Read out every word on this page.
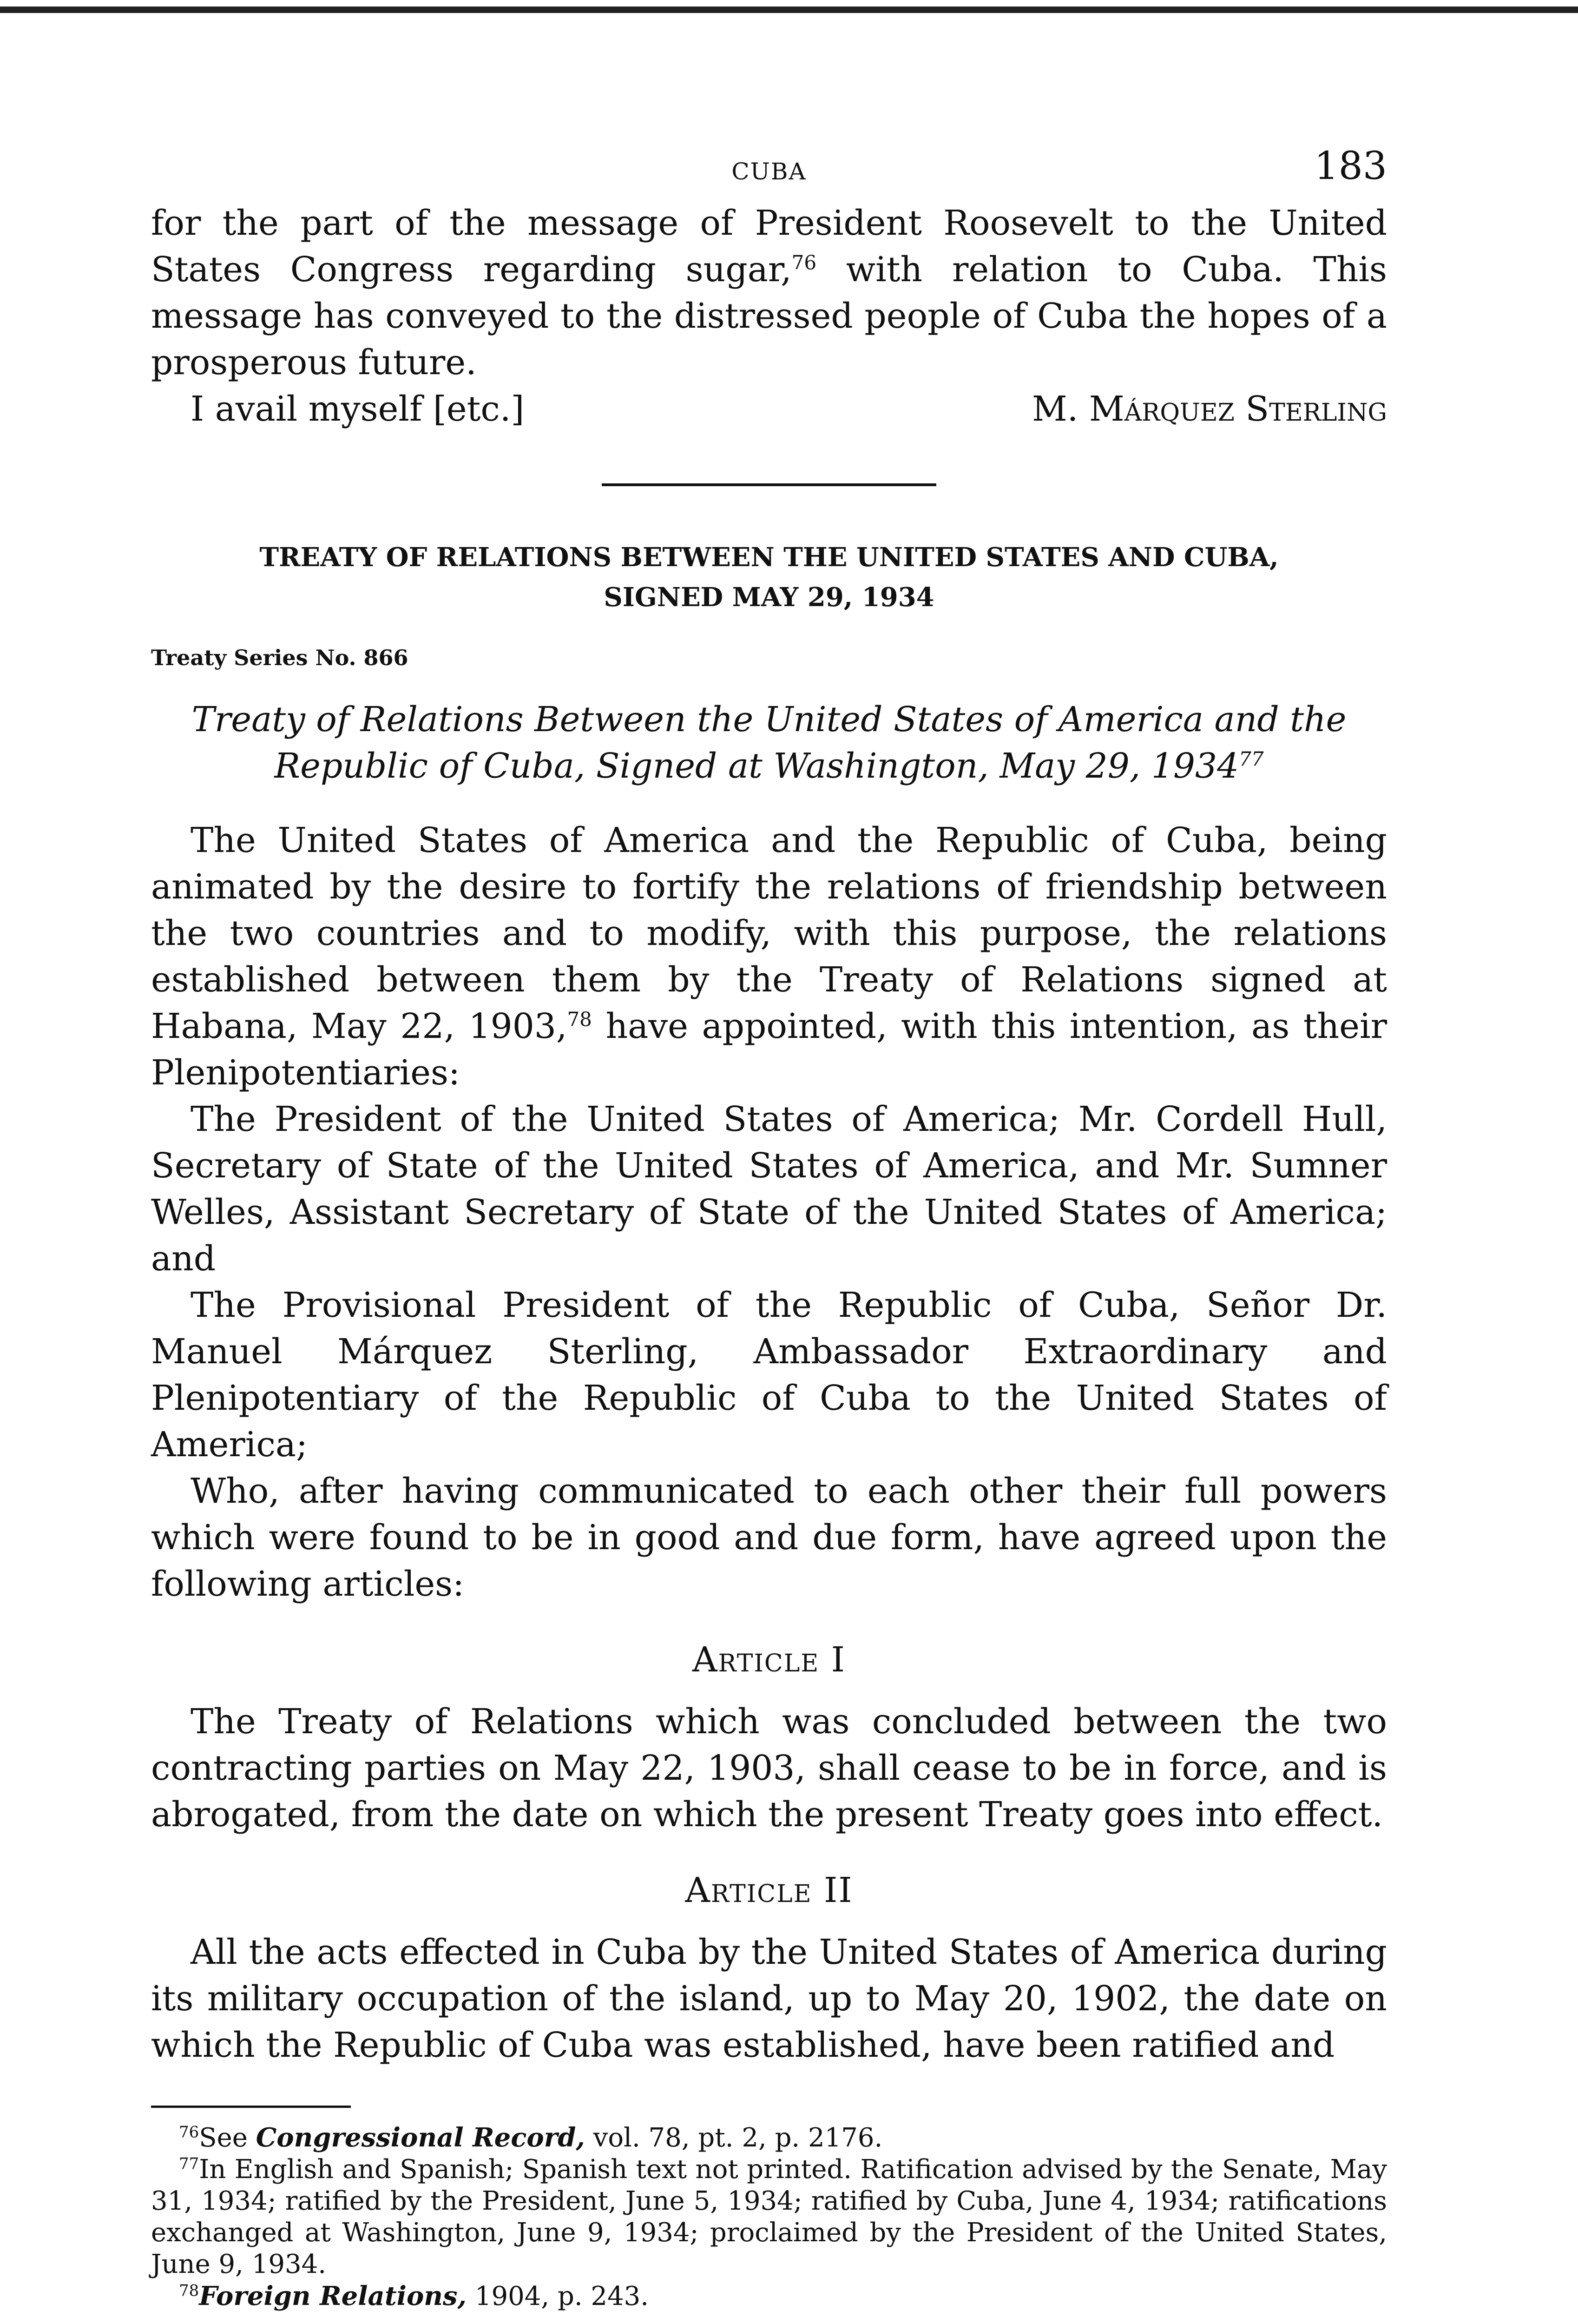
CUBA	183

for the part of the message of President Roosevelt to the United States Congress regarding sugar,$^{76}$ with relation to Cuba. This message has conveyed to the distressed people of Cuba the hopes of a prosperous future.

I avail myself [etc.]	M. Márquez Sterling

TREATY OF RELATIONS BETWEEN THE UNITED STATES AND CUBA,
SIGNED MAY 29, 1934

Treaty Series No. 866

Treaty of Relations Between the United States of America and the
Republic of Cuba, Signed at Washington, May 29, 1934$^{77}$

The United States of America and the Republic of Cuba, being animated by the desire to fortify the relations of friendship between the two countries and to modify, with this purpose, the relations established between them by the Treaty of Relations signed at Habana, May 22, 1903,78 have appointed, with this intention, as their Plenipotentiaries:

The President of the United States of America; Mr. Cordell Hull, Secretary of State of the United States of America, and Mr. Sumner Welles, Assistant Secretary of State of the United States of America; and

The Provisional President of the Republic of Cuba, Señor Dr. Manuel Márquez Sterling, Ambassador Extraordinary and Plenipotentiary of the Republic of Cuba to the United States of America;

Who, after having communicated to each other their full powers which were found to be in good and due form, have agreed upon the following articles:

Article I

The Treaty of Relations which was concluded between the two contracting parties on May 22, 1903, shall cease to be in force, and is abrogated, from the date on which the present Treaty goes into effect.

Article II

All the acts effected in Cuba by the United States of America during its military occupation of the island, up to May 20, 1902, the date on which the Republic of Cuba was established, have been ratified and

$^{76}$See Congressional Record, vol. 78, pt. 2, p. 2176.

$^{77}$In English and Spanish; Spanish text not printed. Ratification advised by the Senate, May 31, 1934; ratified by the President, June 5, 1934; ratified by Cuba, June 4, 1934; ratifications exchanged at Washington, June 9, 1934; proclaimed by the President of the United States, June 9, 1934.

$^{78}$Foreign Relations, 1904, p. 243.
